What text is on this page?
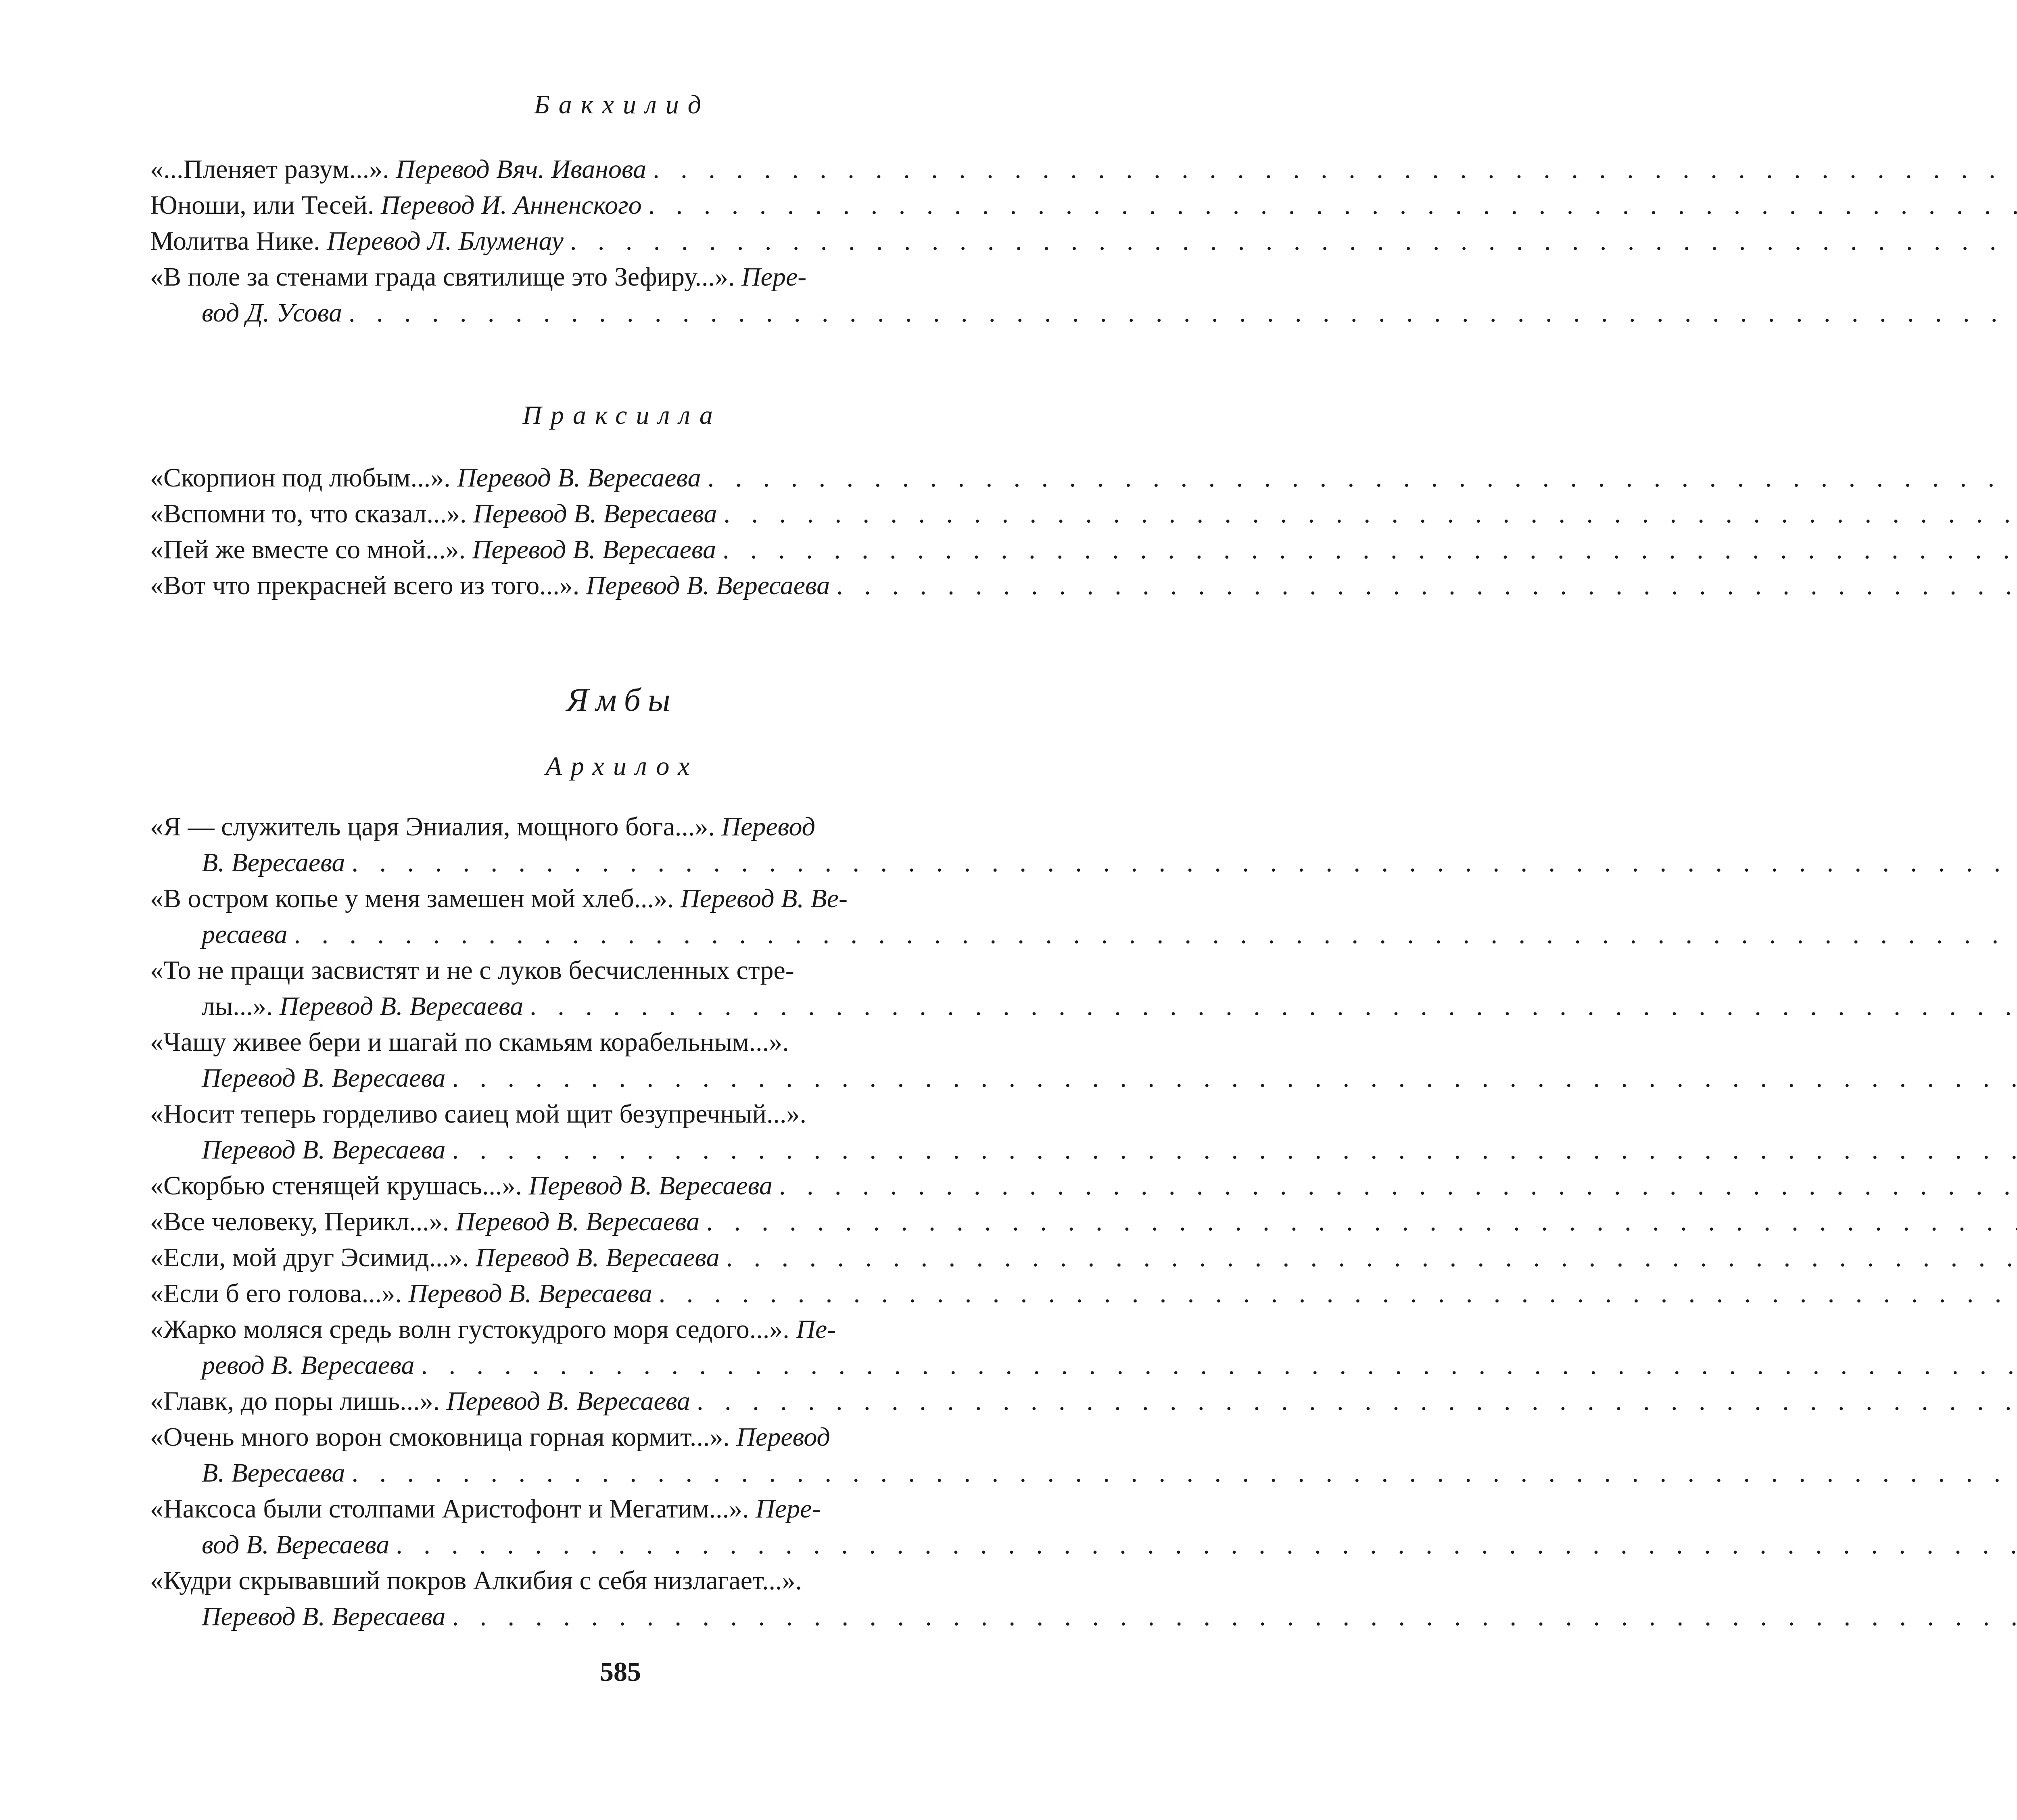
Бакхилид

«...Пленяет разум...». Перевод Вяч. Иванова
. . .
Юноши, или Тесей. Перевод И. Анненского
. . .
Молитва Нике. Перевод Л. Блуменау
. . .
«В поле за стенами града святилище это Зефиру...». Пере-
вод Д. Усова
. . .

Праксилла

«Скорпион под любым...». Перевод В. Вересаева
. . .
«Вспомни то, что сказал...». Перевод В. Вересаева
. . .
«Пей же вместе со мной...». Перевод В. Вересаева
. . .
«Вот что прекрасней всего из того...». Перевод В. Вересаева
. . .

Ямбы

Архилох

«Я — служитель царя Эниалия, мощного бога...». Перевод
В. Вересаева
. . .
«В остром копье у меня замешен мой хлеб...». Перевод В. Ве-
ресаева
. . .
«То не пращи засвистят и не с луков бесчисленных стре-
лы...». Перевод В. Вересаева
. . .
«Чашу живее бери и шагай по скамьям корабельным...».
Перевод В. Вересаева
. . .
«Носит теперь горделиво саиец мой щит безупречный...».
Перевод В. Вересаева
. . .
«Скорбью стенящей крушась...». Перевод В. Вересаева
. . .
«Все человеку, Перикл...». Перевод В. Вересаева
. . .
«Если, мой друг Эсимид...». Перевод В. Вересаева
. . .
«Если б его голова...». Перевод В. Вересаева
. . .
«Жарко моляся средь волн густокудрого моря седого...». Пе-
ревод В. Вересаева
. . .
«Главк, до поры лишь...». Перевод В. Вересаева
. . .
«Очень много ворон смоковница горная кормит...». Перевод
В. Вересаева
. . .
«Наксоса были столпами Аристофонт и Мегатим...». Пере-
вод В. Вересаева
. . .
«Кудри скрывавший покров Алкибия с себя низлагает...».
Перевод В. Вересаева
. . .
585
